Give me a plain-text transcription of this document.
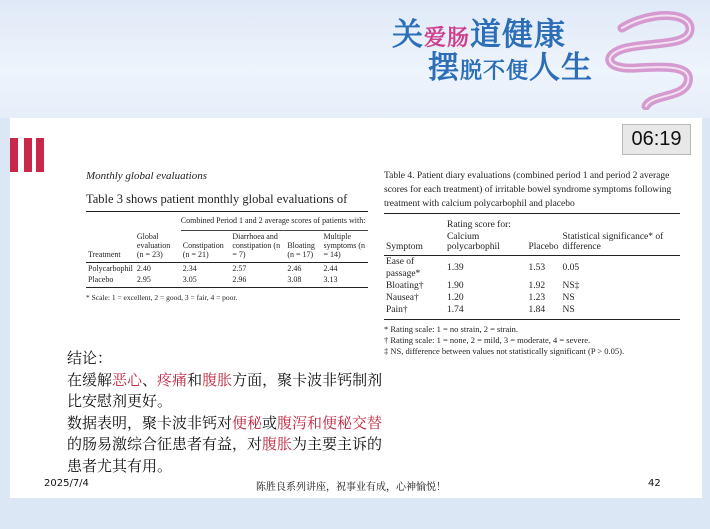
关爱肠道健康
摆脱不便人生
06:19
Monthly global evaluations
Table 3 shows patient monthly global evaluations of
		Combined Period 1 and 2 average scores of patients with:			
Treatment	Global evaluation (n = 23)	Constipation (n = 21)	Diarrhoea and constipation (n = 7)	Bloating (n = 17)	Multiple symptoms (n = 14)
Polycarbophil	2.40	2.34	2.57	2.46	2.44
Placebo	2.95	3.05	2.96	3.08	3.13
* Scale: 1 = excellent, 2 = good, 3 = fair, 4 = poor.
Table 4. Patient diary evaluations (combined period 1 and period 2 average scores for each treatment) of irritable bowel syndrome symptoms following treatment with calcium polycarbophil and placebo
	Rating score for:		
Symptom	Calcium polycarbophil	Placebo	Statistical significance* of difference
Ease of passage*	1.39	1.53	0.05
Bloating†	1.90	1.92	NS‡
Nausea†	1.20	1.23	NS
Pain†	1.74	1.84	NS
* Rating scale: 1 = no strain, 2 = strain.
† Rating scale: 1 = none, 2 = mild, 3 = moderate, 4 = severe.
‡ NS, difference between values not statistically significant (P > 0.05).
结论：
在缓解恶心、疼痛和腹胀方面，聚卡波非钙制剂比安慰剂更好。
数据表明，聚卡波非钙对便秘或腹泻和便秘交替的肠易激综合征患者有益，对腹胀为主要主诉的患者尤其有用。
2025/7/4	陈胜良系列讲座，祝事业有成，心神愉悦！	42
